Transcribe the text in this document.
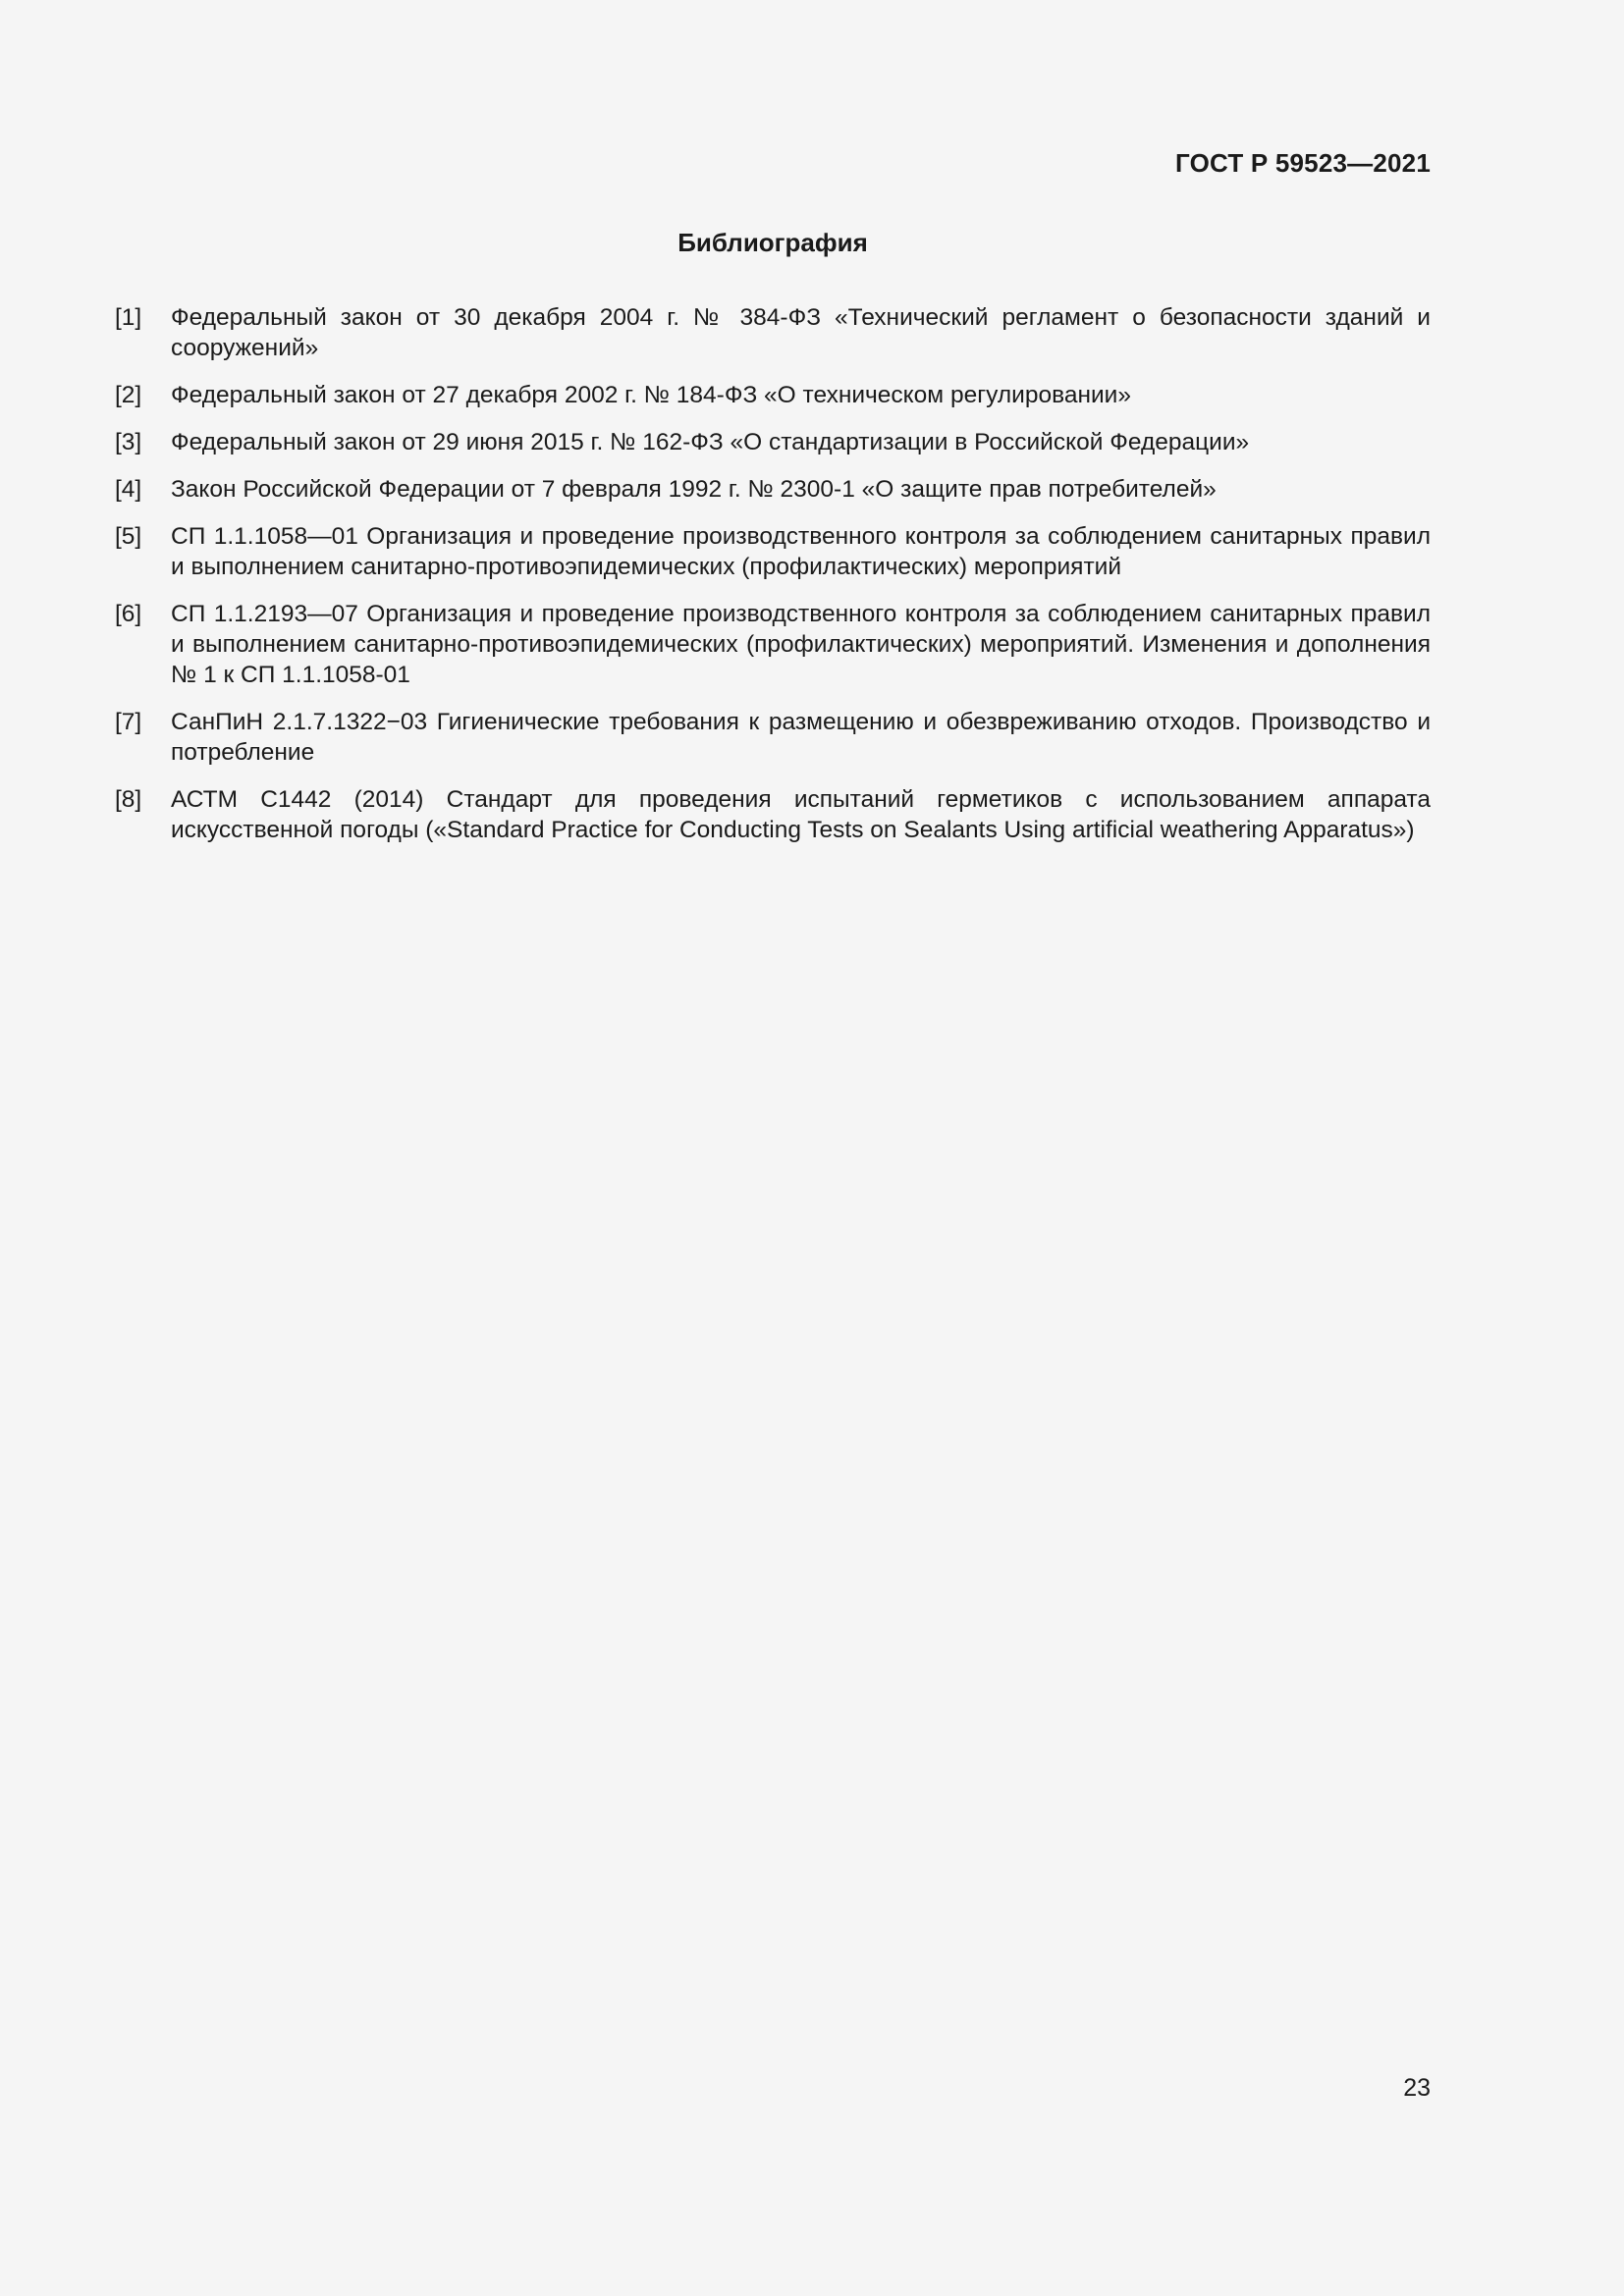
ГОСТ Р 59523—2021
Библиография
[1]	Федеральный закон от 30 декабря 2004 г. № 384-ФЗ «Технический регламент о безопасности зданий и сооружений»
[2]	Федеральный закон от 27 декабря 2002 г. № 184-ФЗ «О техническом регулировании»
[3]	Федеральный закон от 29 июня 2015 г. № 162-ФЗ «О стандартизации в Российской Федерации»
[4]	Закон Российской Федерации от 7 февраля 1992 г. № 2300-1 «О защите прав потребителей»
[5]	СП 1.1.1058—01 Организация и проведение производственного контроля за соблюдением санитарных правил и выполнением санитарно-противоэпидемических (профилактических) мероприятий
[6]	СП 1.1.2193—07 Организация и проведение производственного контроля за соблюдением санитарных правил и выполнением санитарно-противоэпидемических (профилактических) мероприятий. Изменения и дополнения № 1 к СП 1.1.1058-01
[7]	СанПиН 2.1.7.1322−03 Гигиенические требования к размещению и обезвреживанию отходов. Производство и потребление
[8]	АСТМ С1442 (2014) Стандарт для проведения испытаний герметиков с использованием аппарата искусственной погоды («Standard Practice for Conducting Tests on Sealants Using artificial weathering Apparatus»)
23
